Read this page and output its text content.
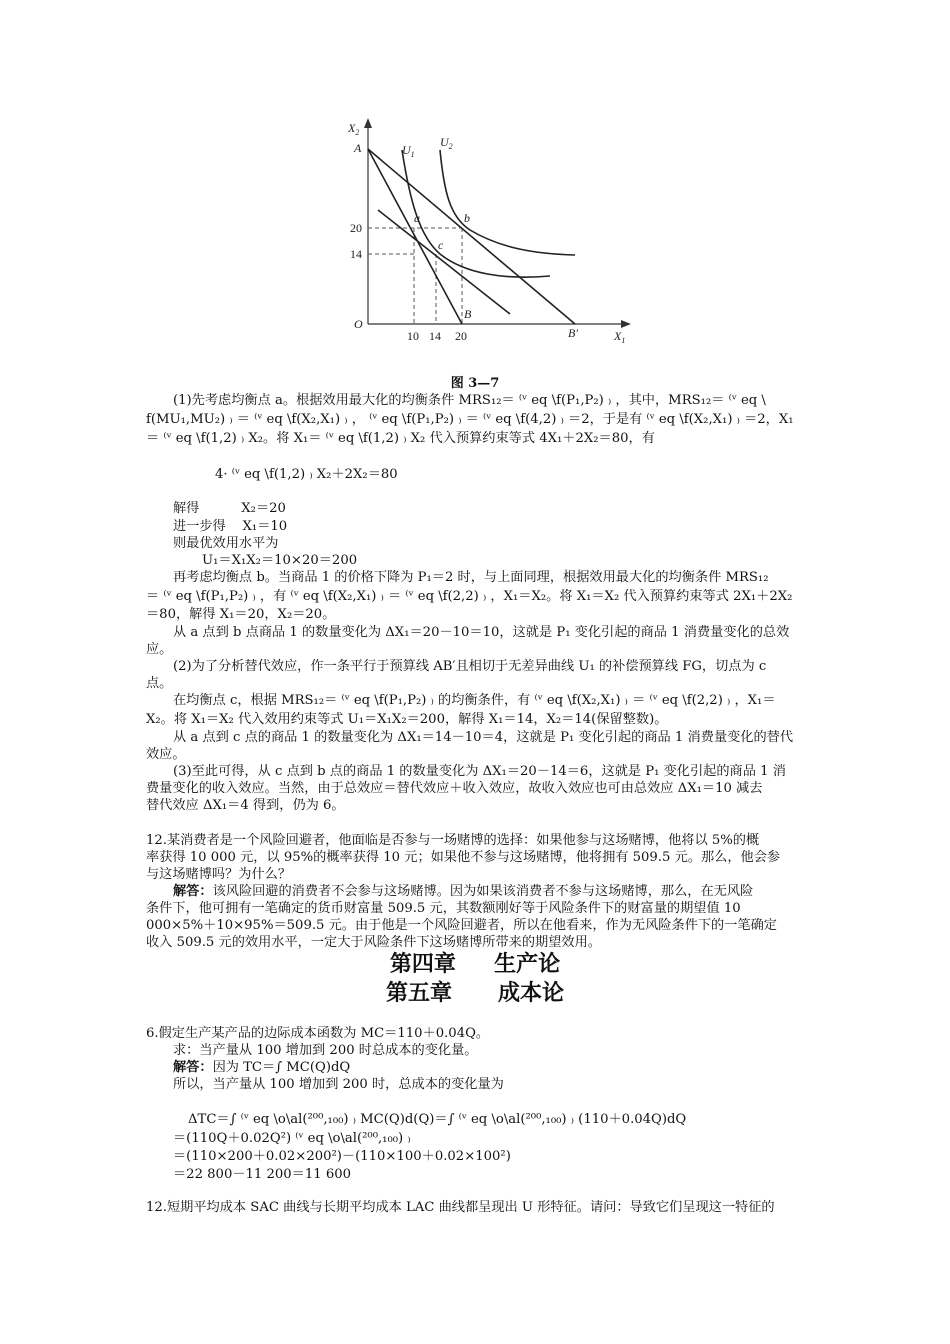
$X_2$
$X_1$
O
A
B
B′
a	b
c
$U_1$
$U_2$
20
14
10 14 20
图 3—7
(1)先考虑均衡点 a。根据效用最大化的均衡条件 MRS₁₂＝ ⁽ᵛ eq \f(P₁,P₂) ₎ ，其中，MRS₁₂＝ ⁽ᵛ eq \
f(MU₁,MU₂) ₎ ＝ ⁽ᵛ eq \f(X₂,X₁) ₎ ， ⁽ᵛ eq \f(P₁,P₂) ₎ ＝ ⁽ᵛ eq \f(4,2) ₎ ＝2，于是有 ⁽ᵛ eq \f(X₂,X₁) ₎ ＝2，X₁
＝ ⁽ᵛ eq \f(1,2) ₎ X₂。将 X₁＝ ⁽ᵛ eq \f(1,2) ₎ X₂ 代入预算约束等式 4X₁＋2X₂＝80，有
4· ⁽ᵛ eq \f(1,2) ₎ X₂＋2X₂＝80
解得          X₂＝20
进一步得    X₁＝10
则最优效用水平为
U₁＝X₁X₂＝10×20＝200
再考虑均衡点 b。当商品 1 的价格下降为 P₁＝2 时，与上面同理，根据效用最大化的均衡条件 MRS₁₂
＝ ⁽ᵛ eq \f(P₁,P₂) ₎ ，有 ⁽ᵛ eq \f(X₂,X₁) ₎ ＝ ⁽ᵛ eq \f(2,2) ₎ ，X₁＝X₂。将 X₁＝X₂ 代入预算约束等式 2X₁＋2X₂
＝80，解得 X₁＝20，X₂＝20。
从 a 点到 b 点商品 1 的数量变化为 ΔX₁＝20－10＝10，这就是 P₁ 变化引起的商品 1 消费量变化的总效
应。
(2)为了分析替代效应，作一条平行于预算线 AB′且相切于无差异曲线 U₁ 的补偿预算线 FG，切点为 c
点。
在均衡点 c，根据 MRS₁₂＝ ⁽ᵛ eq \f(P₁,P₂) ₎ 的均衡条件，有 ⁽ᵛ eq \f(X₂,X₁) ₎ ＝ ⁽ᵛ eq \f(2,2) ₎ ，X₁＝
X₂。将 X₁＝X₂ 代入效用约束等式 U₁＝X₁X₂＝200，解得 X₁＝14，X₂＝14(保留整数)。
从 a 点到 c 点的商品 1 的数量变化为 ΔX₁＝14－10＝4，这就是 P₁ 变化引起的商品 1 消费量变化的替代
效应。
(3)至此可得，从 c 点到 b 点的商品 1 的数量变化为 ΔX₁＝20－14＝6，这就是 P₁ 变化引起的商品 1 消
费量变化的收入效应。当然，由于总效应＝替代效应＋收入效应，故收入效应也可由总效应 ΔX₁＝10 减去
替代效应 ΔX₁＝4 得到，仍为 6。
12.某消费者是一个风险回避者，他面临是否参与一场赌博的选择：如果他参与这场赌博，他将以 5%的概
率获得 10 000 元，以 95%的概率获得 10 元；如果他不参与这场赌博，他将拥有 509.5 元。那么，他会参
与这场赌博吗？为什么？
解答：该风险回避的消费者不会参与这场赌博。因为如果该消费者不参与这场赌博，那么，在无风险
条件下，他可拥有一笔确定的货币财富量 509.5 元，其数额刚好等于风险条件下的财富量的期望值 10
000×5%＋10×95%＝509.5 元。由于他是一个风险回避者，所以在他看来，作为无风险条件下的一笔确定
收入 509.5 元的效用水平，一定大于风险条件下这场赌博所带来的期望效用。
第四章 生产论
第五章 成本论
6.假定生产某产品的边际成本函数为 MC＝110＋0.04Q。
求：当产量从 100 增加到 200 时总成本的变化量。
解答：因为 TC＝∫ MC(Q)dQ
所以，当产量从 100 增加到 200 时，总成本的变化量为
ΔTC＝∫ ⁽ᵛ eq \o\al(²⁰⁰,₁₀₀) ₎ MC(Q)d(Q)＝∫ ⁽ᵛ eq \o\al(²⁰⁰,₁₀₀) ₎ (110＋0.04Q)dQ
＝(110Q＋0.02Q²) ⁽ᵛ eq \o\al(²⁰⁰,₁₀₀) ₎
＝(110×200＋0.02×200²)－(110×100＋0.02×100²)
＝22 800－11 200＝11 600
12.短期平均成本 SAC 曲线与长期平均成本 LAC 曲线都呈现出 U 形特征。请问：导致它们呈现这一特征的
